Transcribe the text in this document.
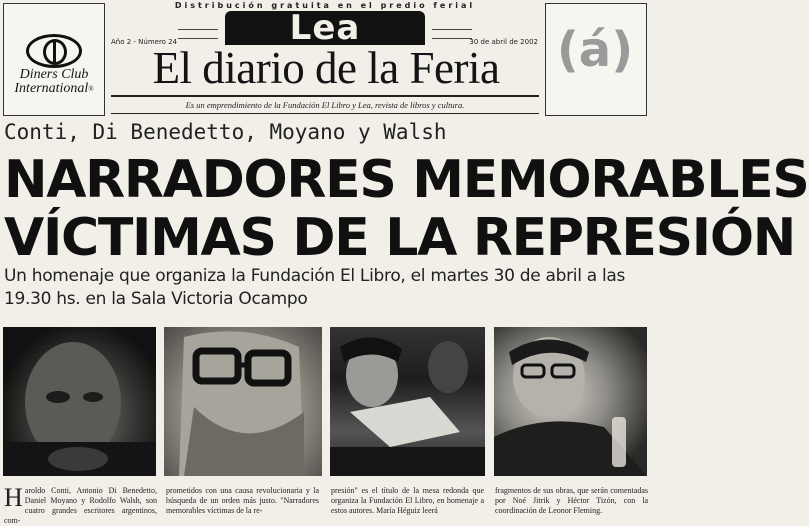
Diners Club
International®
Distribución gratuita en el predio ferial
Año 2 - Número 24	30 de abril de 2002
Lea
El diario de la Feria
Es un emprendimiento de la Fundación El Libro y Lea, revista de libros y cultura.
(á)
Conti, Di Benedetto, Moyano y Walsh
NARRADORES MEMORABLES
VÍCTIMAS DE LA REPRESIÓN
Un homenaje que organiza la Fundación El Libro, el martes 30 de abril a las 19.30 hs. en la Sala Victoria Ocampo
Haroldo Conti, Antonio Di Benedetto, Daniel Moyano y Rodolfo Walsh, son cuatro grandes escritores argentinos, com-
prometidos con una causa revolucionaria y la búsqueda de un orden más justo. "Narradores memorables víctimas de la re-
presión" es el título de la mesa redonda que organiza la Fundación El Libro, en homenaje a estos autores. María Héguiz leerá
fragmentos de sus obras, que serán comentadas por Noé Jitrik y Héctor Tizón, con la coordinación de Leonor Fleming.
